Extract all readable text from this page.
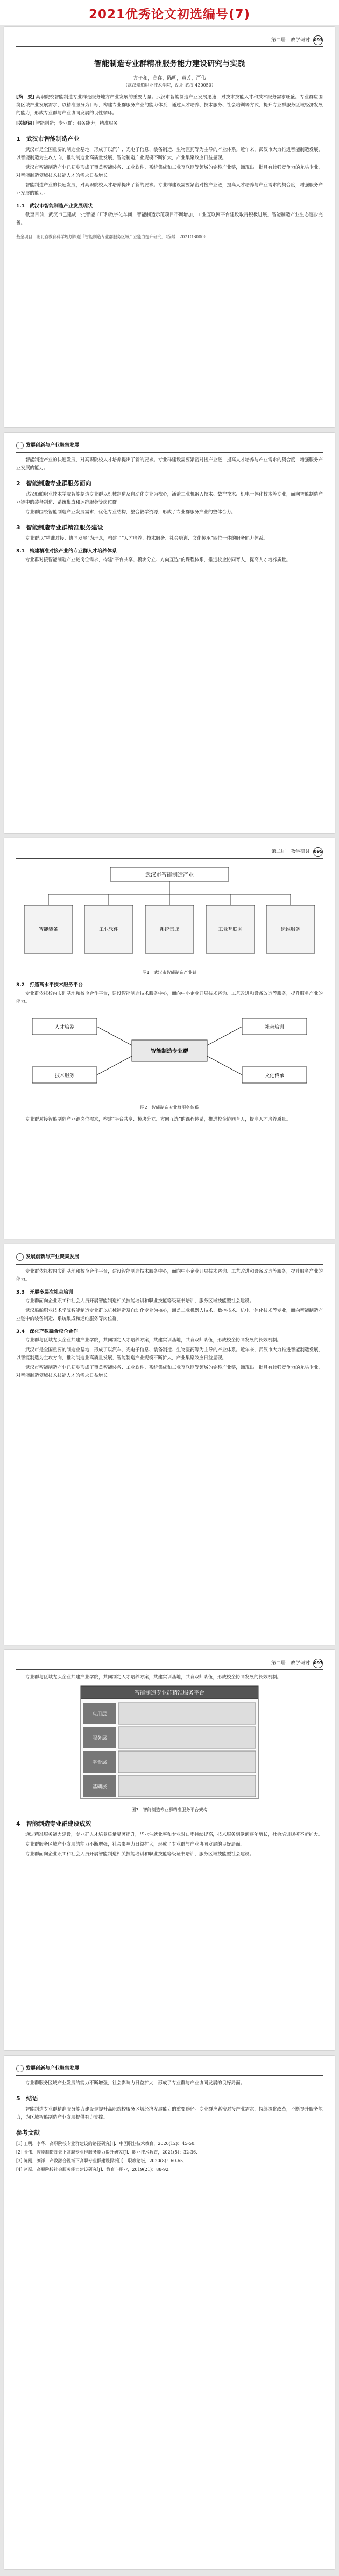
2021优秀论文初选编号(7)
第二届　教学研讨 093
智能制造专业群精准服务能力建设研究与实践
方子和，高鑫，陈明，黄芳，严伟
（武汉船舶职业技术学院，湖北 武汉 430050）
[摘　要] 高职院校智能制造专业群是服务地方产业发展的重要力量。武汉市智能制造产业发展迅速，对技术技能人才和技术服务需求旺盛。专业群应围绕区域产业发展需求，以精准服务为目标，构建专业群服务产业的能力体系，通过人才培养、技术服务、社会培训等方式，提升专业群服务区域经济发展的能力，形成专业群与产业协同发展的良性循环。
[关键词] 智能制造；专业群；服务能力；精准服务
1　武汉市智能制造产业

武汉市是全国重要的制造业基地，形成了以汽车、光电子信息、装备制造、生物医药等为主导的产业体系。近年来，武汉市大力推进智能制造发展，以智能制造为主攻方向，推动制造业高质量发展，智能制造产业规模不断扩大，产业集聚效应日益显现。

武汉市智能制造产业已初步形成了覆盖智能装备、工业软件、系统集成和工业互联网等领域的完整产业链，涌现出一批具有较强竞争力的龙头企业，对智能制造领域技术技能人才的需求日益增长。

智能制造产业的快速发展，对高职院校人才培养提出了新的要求。专业群建设需要紧密对接产业链，提高人才培养与产业需求的契合度，增强服务产业发展的能力。

1.1　武汉市智能制造产业发展现状

截至目前，武汉市已建成一批智能工厂和数字化车间，智能制造示范项目不断增加，工业互联网平台建设取得积极进展，智能制造产业生态逐步完善。

基金项目：湖北省教育科学规划课题「智能制造专业群服务区域产业能力提升研究」（编号：2021GB000）
发展创新与产业聚集发展

智能制造产业的快速发展，对高职院校人才培养提出了新的要求。专业群建设需要紧密对接产业链，提高人才培养与产业需求的契合度，增强服务产业发展的能力。

2　智能制造专业群服务面向

武汉船舶职业技术学院智能制造专业群以机械制造及自动化专业为核心，涵盖工业机器人技术、数控技术、机电一体化技术等专业，面向智能制造产业链中的装备制造、系统集成和运维服务等岗位群。

专业群围绕智能制造产业发展需求，优化专业结构，整合教学资源，形成了专业群服务产业的整体合力。

3　智能制造专业群精准服务建设

专业群以“精准对接、协同发展”为理念，构建了“人才培养、技术服务、社会培训、文化传承”四位一体的服务能力体系。

3.1　构建精准对接产业的专业群人才培养体系

专业群对接智能制造产业链岗位需求，构建“平台共享、模块分立、方向互选”的课程体系，推进校企协同育人，提高人才培养质量。

第二届　教学研讨 095
武汉市智能制造产业
智能装备	工业软件	系统集成	工业互联网	运维服务
图1　武汉市智能制造产业链
3.2　打造高水平技术服务平台

专业群依托校内实训基地和校企合作平台，建设智能制造技术服务中心，面向中小企业开展技术咨询、工艺改进和设备改造等服务，提升服务产业的能力。

人才培养
技术服务
智能制造专业群
社会培训
文化传承
图2　智能制造专业群服务体系

专业群对接智能制造产业链岗位需求，构建“平台共享、模块分立、方向互选”的课程体系，推进校企协同育人，提高人才培养质量。

发展创新与产业聚集发展

专业群依托校内实训基地和校企合作平台，建设智能制造技术服务中心，面向中小企业开展技术咨询、工艺改进和设备改造等服务，提升服务产业的能力。

3.3　开展多层次社会培训

专业群面向企业职工和社会人员开展智能制造相关技能培训和职业技能等级证书培训，服务区域技能型社会建设。

武汉船舶职业技术学院智能制造专业群以机械制造及自动化专业为核心，涵盖工业机器人技术、数控技术、机电一体化技术等专业，面向智能制造产业链中的装备制造、系统集成和运维服务等岗位群。

3.4　深化产教融合校企合作

专业群与区域龙头企业共建产业学院，共同制定人才培养方案，共建实训基地，共育双师队伍，形成校企协同发展的长效机制。

武汉市是全国重要的制造业基地，形成了以汽车、光电子信息、装备制造、生物医药等为主导的产业体系。近年来，武汉市大力推进智能制造发展，以智能制造为主攻方向，推动制造业高质量发展，智能制造产业规模不断扩大，产业集聚效应日益显现。

武汉市智能制造产业已初步形成了覆盖智能装备、工业软件、系统集成和工业互联网等领域的完整产业链，涌现出一批具有较强竞争力的龙头企业，对智能制造领域技术技能人才的需求日益增长。

第二届　教学研讨 097

专业群与区域龙头企业共建产业学院，共同制定人才培养方案，共建实训基地，共育双师队伍，形成校企协同发展的长效机制。

智能制造专业群精准服务平台
应用层
服务层
平台层
基础层
图3　智能制造专业群精准服务平台架构
4　智能制造专业群建设成效

通过精准服务能力建设，专业群人才培养质量显著提升，毕业生就业率和专业对口率持续提高，技术服务到款额逐年增长，社会培训规模不断扩大。

专业群服务区域产业发展的能力不断增强，社会影响力日益扩大，形成了专业群与产业协同发展的良好局面。

专业群面向企业职工和社会人员开展智能制造相关技能培训和职业技能等级证书培训，服务区域技能型社会建设。

发展创新与产业聚集发展

专业群服务区域产业发展的能力不断增强，社会影响力日益扩大，形成了专业群与产业协同发展的良好局面。

5　结语

智能制造专业群精准服务能力建设是提升高职院校服务区域经济发展能力的重要途径。专业群应紧密对接产业需求，持续深化改革，不断提升服务能力，为区域智能制造产业发展提供有力支撑。

参考文献
[1] 王明，李华．高职院校专业群建设的路径研究[J]．中国职业技术教育，2020(12)：45-50．
[2] 张伟．智能制造背景下高职专业群服务能力提升研究[J]．职业技术教育，2021(5)：32-36．
[3] 陈刚，刘洋．产教融合视域下高职专业群建设探析[J]．职教论坛，2020(8)：60-65．
[4] 赵磊．高职院校社会服务能力建设研究[J]．教育与职业，2019(21)：88-92．
